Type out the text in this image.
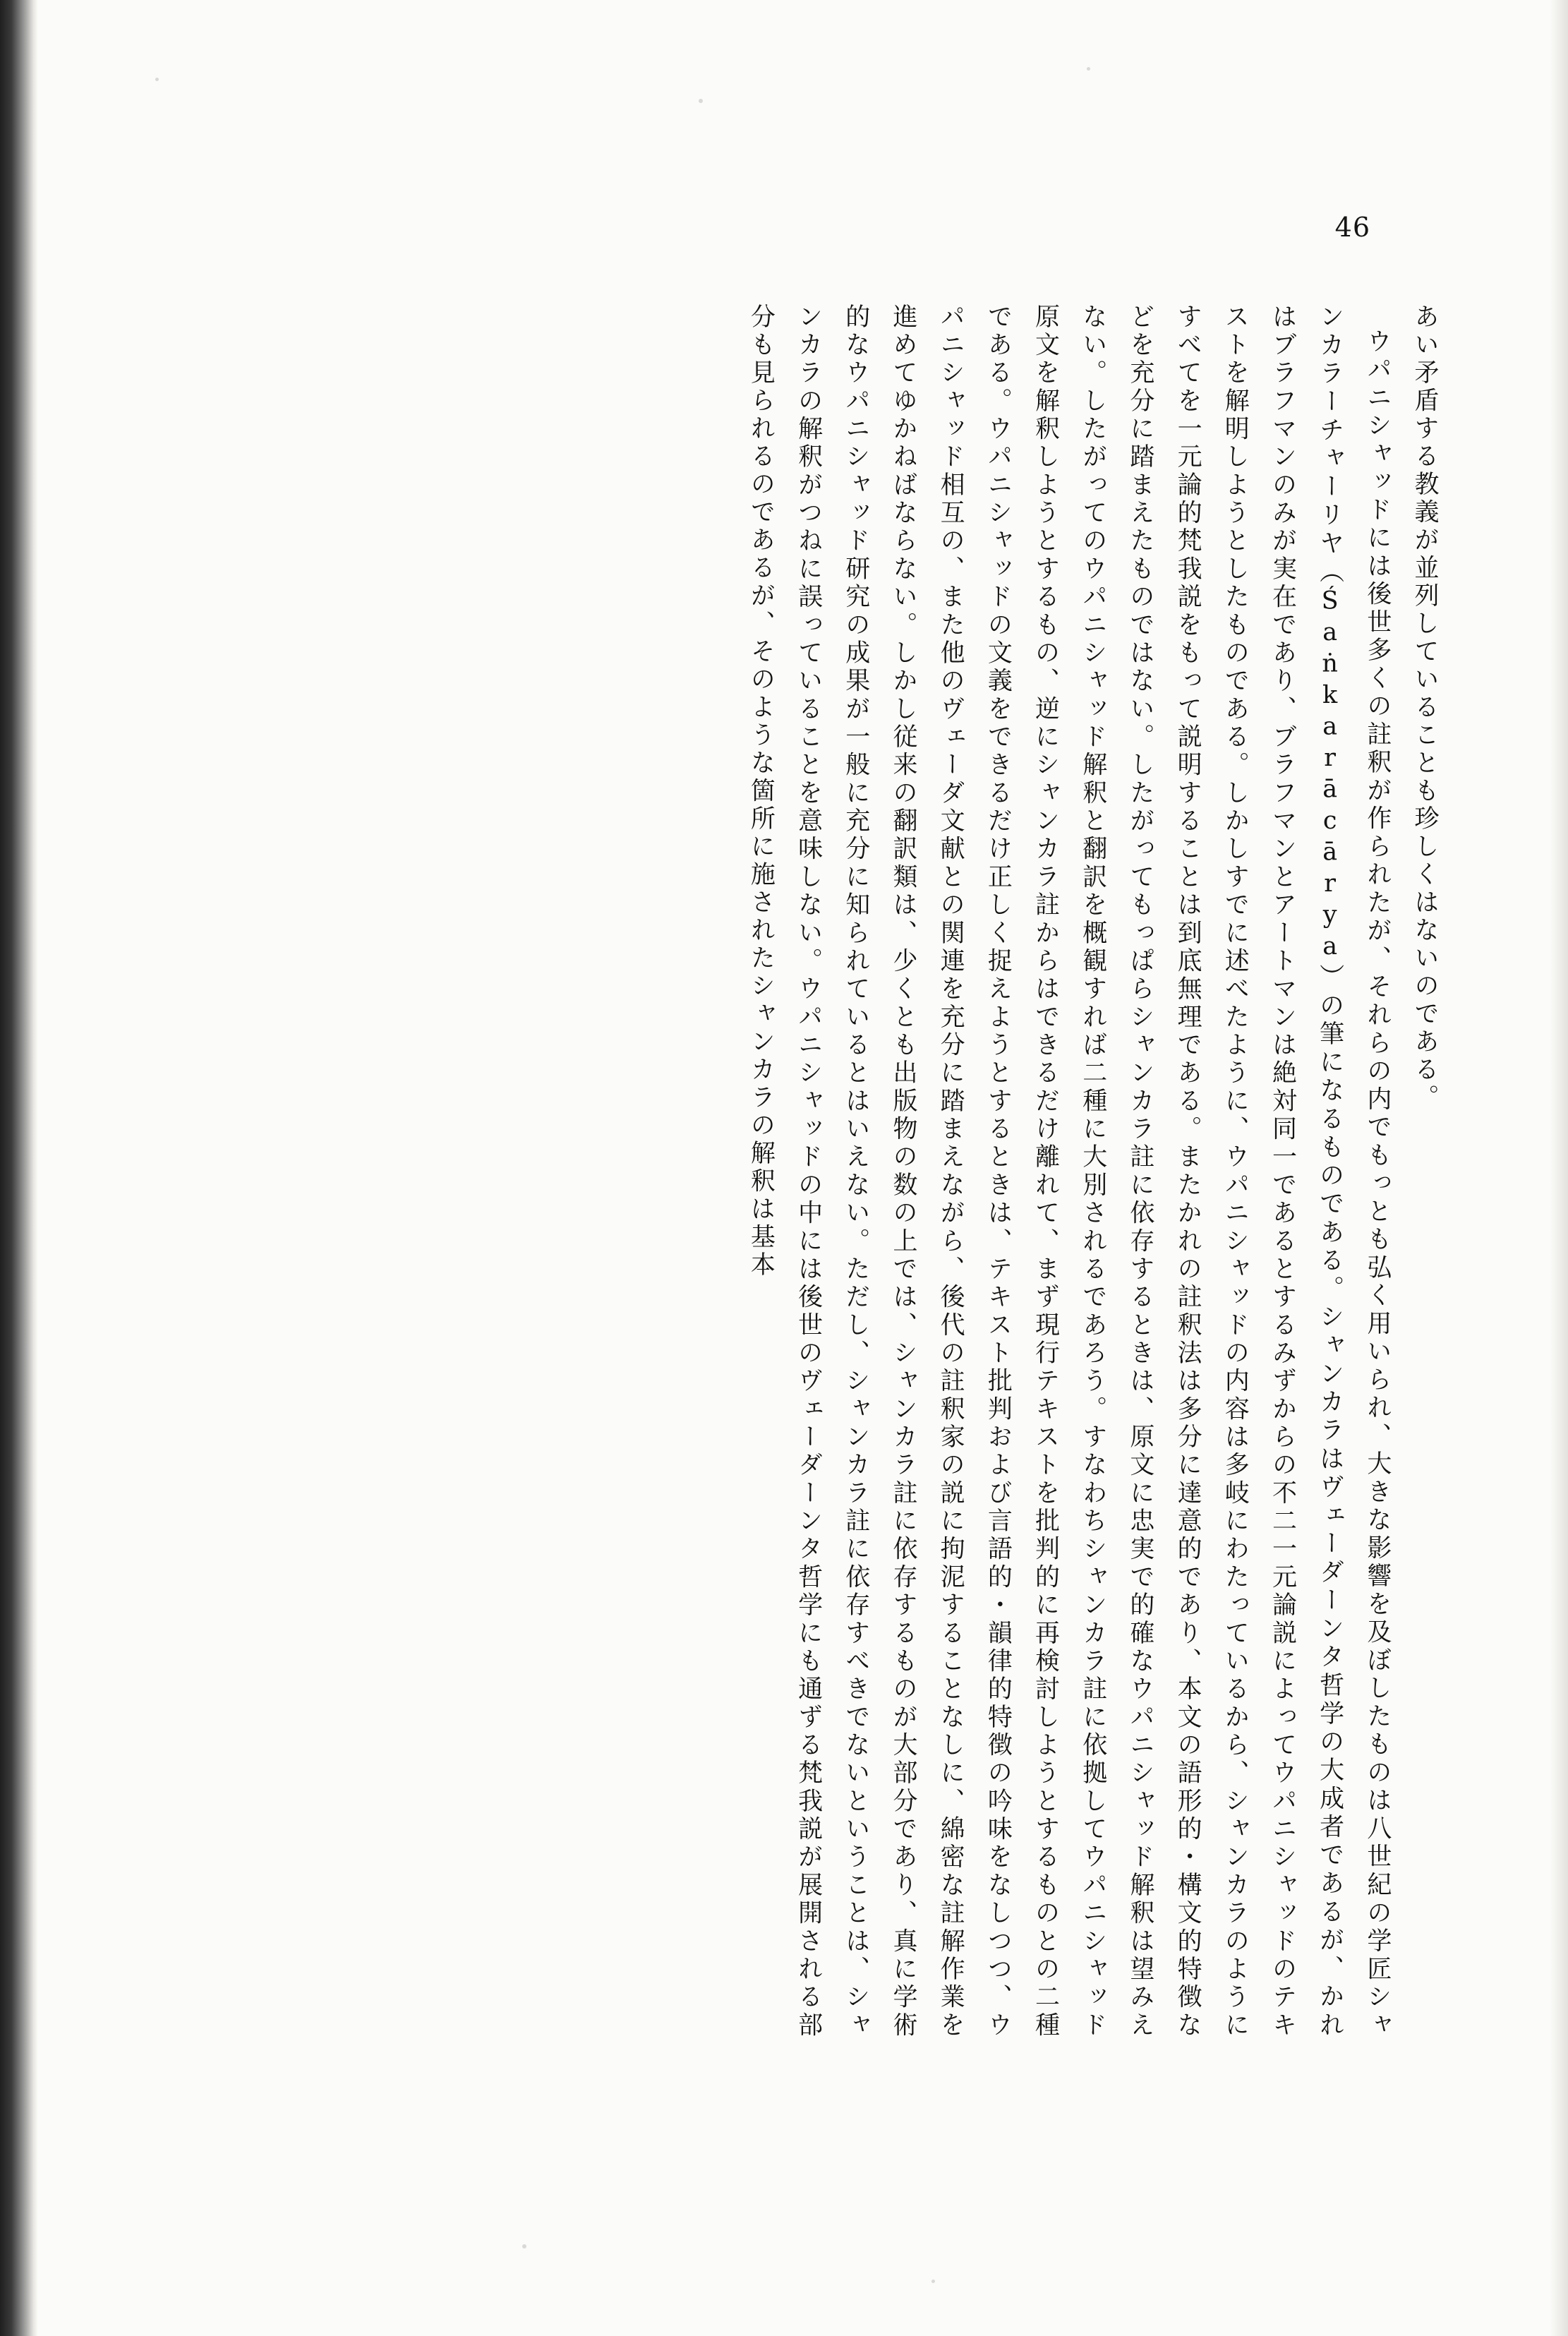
46

あい矛盾する教義が並列していることも珍しくはないのである。

ウパニシャッドには後世多くの註釈が作られたが、それらの内でもっとも弘く用いられ、大きな影響を及ぼしたものは八世紀の学匠シャンカラーチャーリヤ（Śaṅkarācārya）の筆になるものである。シャンカラはヴェーダーンタ哲学の大成者であるが、かれはブラフマンのみが実在であり、ブラフマンとアートマンは絶対同一であるとするみずからの不二一元論説によってウパニシャッドのテキストを解明しようとしたものである。しかしすでに述べたように、ウパニシャッドの内容は多岐にわたっているから、シャンカラのようにすべてを一元論的梵我説をもって説明することは到底無理である。またかれの註釈法は多分に達意的であり、本文の語形的・構文的特徴などを充分に踏まえたものではない。したがってもっぱらシャンカラ註に依存するときは、原文に忠実で的確なウパニシャッド解釈は望みえない。したがってのウパニシャッド解釈と翻訳を概観すれば二種に大別されるであろう。すなわちシャンカラ註に依拠してウパニシャッド原文を解釈しようとするもの、逆にシャンカラ註からはできるだけ離れて、まず現行テキストを批判的に再検討しようとするものとの二種である。ウパニシャッドの文義をできるだけ正しく捉えようとするときは、テキスト批判および言語的・韻律的特徴の吟味をなしつつ、ウパニシャッド相互の、また他のヴェーダ文献との関連を充分に踏まえながら、後代の註釈家の説に拘泥することなしに、綿密な註解作業を進めてゆかねばならない。しかし従来の翻訳類は、少くとも出版物の数の上では、シャンカラ註に依存するものが大部分であり、真に学術的なウパニシャッド研究の成果が一般に充分に知られているとはいえない。ただし、シャンカラ註に依存すべきでないということは、シャンカラの解釈がつねに誤っていることを意味しない。ウパニシャッドの中には後世のヴェーダーンタ哲学にも通ずる梵我説が展開される部分も見られるのであるが、そのような箇所に施されたシャンカラの解釈は基本
